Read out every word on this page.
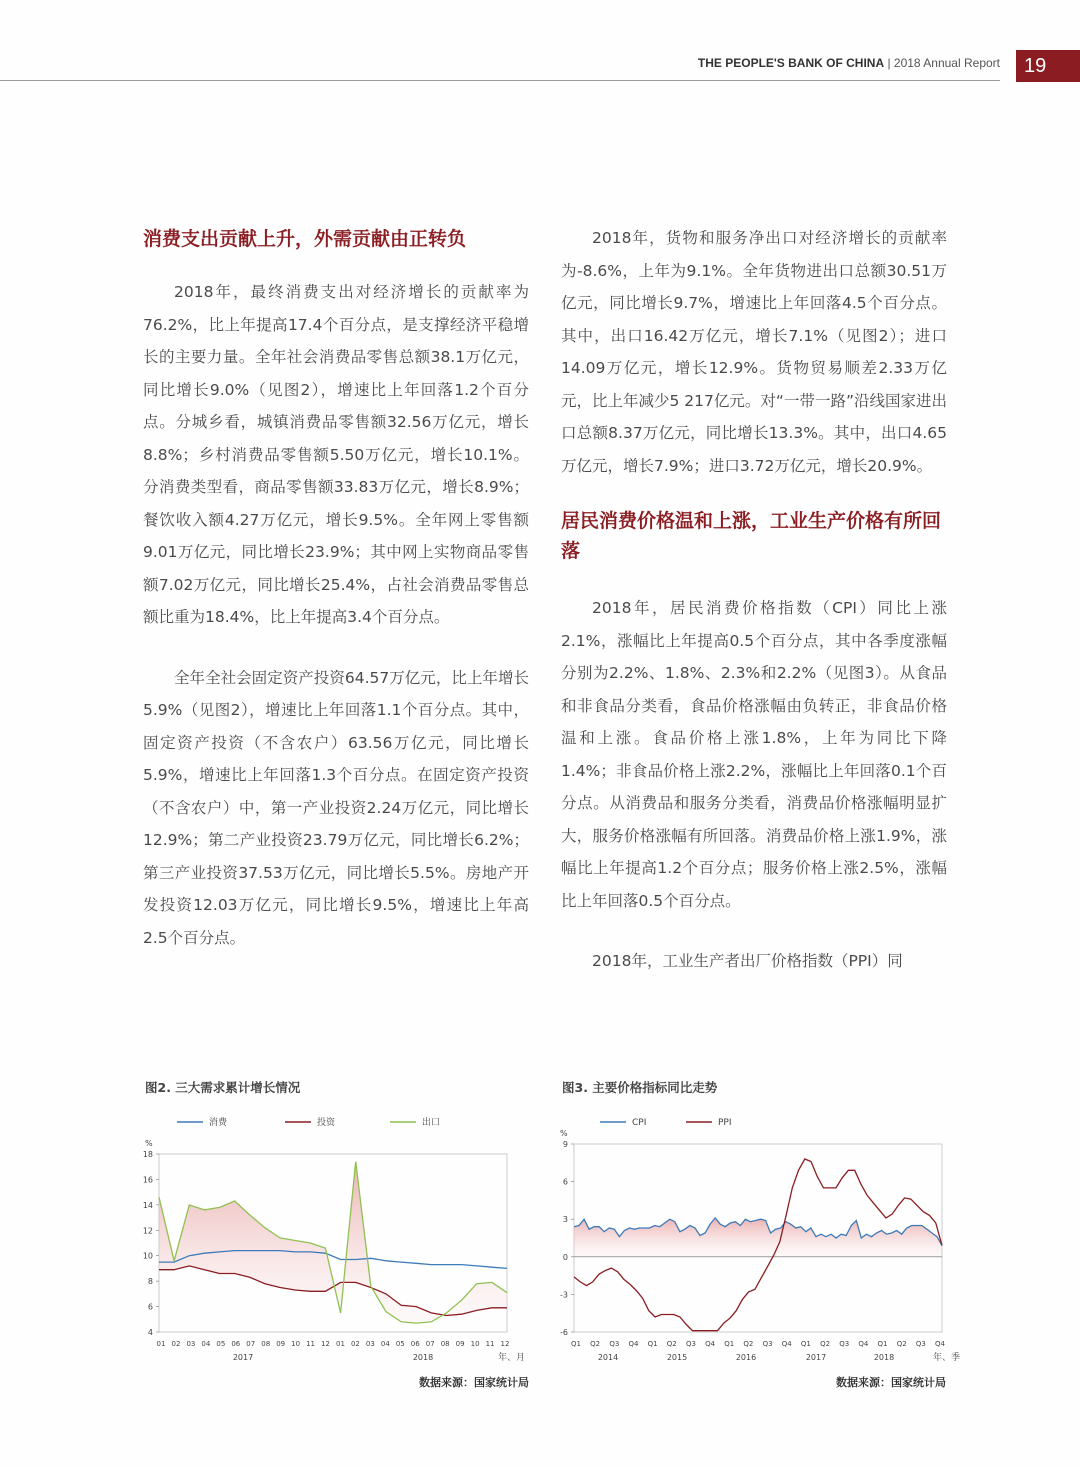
THE PEOPLE'S BANK OF CHINA | 2018 Annual Report	19
消费支出贡献上升，外需贡献由正转负

2018年，最终消费支出对经济增长的贡献率为76.2%，比上年提高17.4个百分点，是支撑经济平稳增长的主要力量。全年社会消费品零售总额38.1万亿元，同比增长9.0%（见图2），增速比上年回落1.2个百分点。分城乡看，城镇消费品零售额32.56万亿元，增长8.8%；乡村消费品零售额5.50万亿元，增长10.1%。分消费类型看，商品零售额33.83万亿元，增长8.9%；餐饮收入额4.27万亿元，增长9.5%。全年网上零售额9.01万亿元，同比增长23.9%；其中网上实物商品零售额7.02万亿元，同比增长25.4%，占社会消费品零售总额比重为18.4%，比上年提高3.4个百分点。

全年全社会固定资产投资64.57万亿元，比上年增长5.9%（见图2），增速比上年回落1.1个百分点。其中，固定资产投资（不含农户）63.56万亿元，同比增长5.9%，增速比上年回落1.3个百分点。在固定资产投资（不含农户）中，第一产业投资2.24万亿元，同比增长12.9%；第二产业投资23.79万亿元，同比增长6.2%；第三产业投资37.53万亿元，同比增长5.5%。房地产开发投资12.03万亿元，同比增长9.5%，增速比上年高2.5个百分点。

2018年，货物和服务净出口对经济增长的贡献率为-8.6%，上年为9.1%。全年货物进出口总额30.51万亿元，同比增长9.7%，增速比上年回落4.5个百分点。其中，出口16.42万亿元，增长7.1%（见图2）；进口14.09万亿元，增长12.9%。货物贸易顺差2.33万亿元，比上年减少5 217亿元。对“一带一路”沿线国家进出口总额8.37万亿元，同比增长13.3%。其中，出口4.65万亿元，增长7.9%；进口3.72万亿元，增长20.9%。

居民消费价格温和上涨，工业生产价格有所回落

2018年，居民消费价格指数（CPI）同比上涨2.1%，涨幅比上年提高0.5个百分点，其中各季度涨幅分别为2.2%、1.8%、2.3%和2.2%（见图3）。从食品和非食品分类看，食品价格涨幅由负转正，非食品价格温和上涨。食品价格上涨1.8%，上年为同比下降1.4%；非食品价格上涨2.2%，涨幅比上年回落0.1个百分点。从消费品和服务分类看，消费品价格涨幅明显扩大，服务价格涨幅有所回落。消费品价格上涨1.9%，涨幅比上年提高1.2个百分点；服务价格上涨2.5%，涨幅比上年回落0.5个百分点。

2018年，工业生产者出厂价格指数（PPI）同

图2. 三大需求累计增长情况
4
6
8
10
12
14
16
18
%
消费	投资	出口
01 02 03 04 05 06 07 08 09 10 11 12 01 02 03 04 05 06 07 08 09 10 11 12
2017	2018	年、月
数据来源：国家统计局
图3. 主要价格指标同比走势
-6
-3
0
3
6
9
%
CPI	PPI
Q1 Q2 Q3 Q4 Q1 Q2 Q3 Q4 Q1 Q2 Q3 Q4 Q1 Q2 Q3 Q4 Q1 Q2 Q3 Q4
2014	2015	2016	2017	2018	年、季
数据来源：国家统计局
